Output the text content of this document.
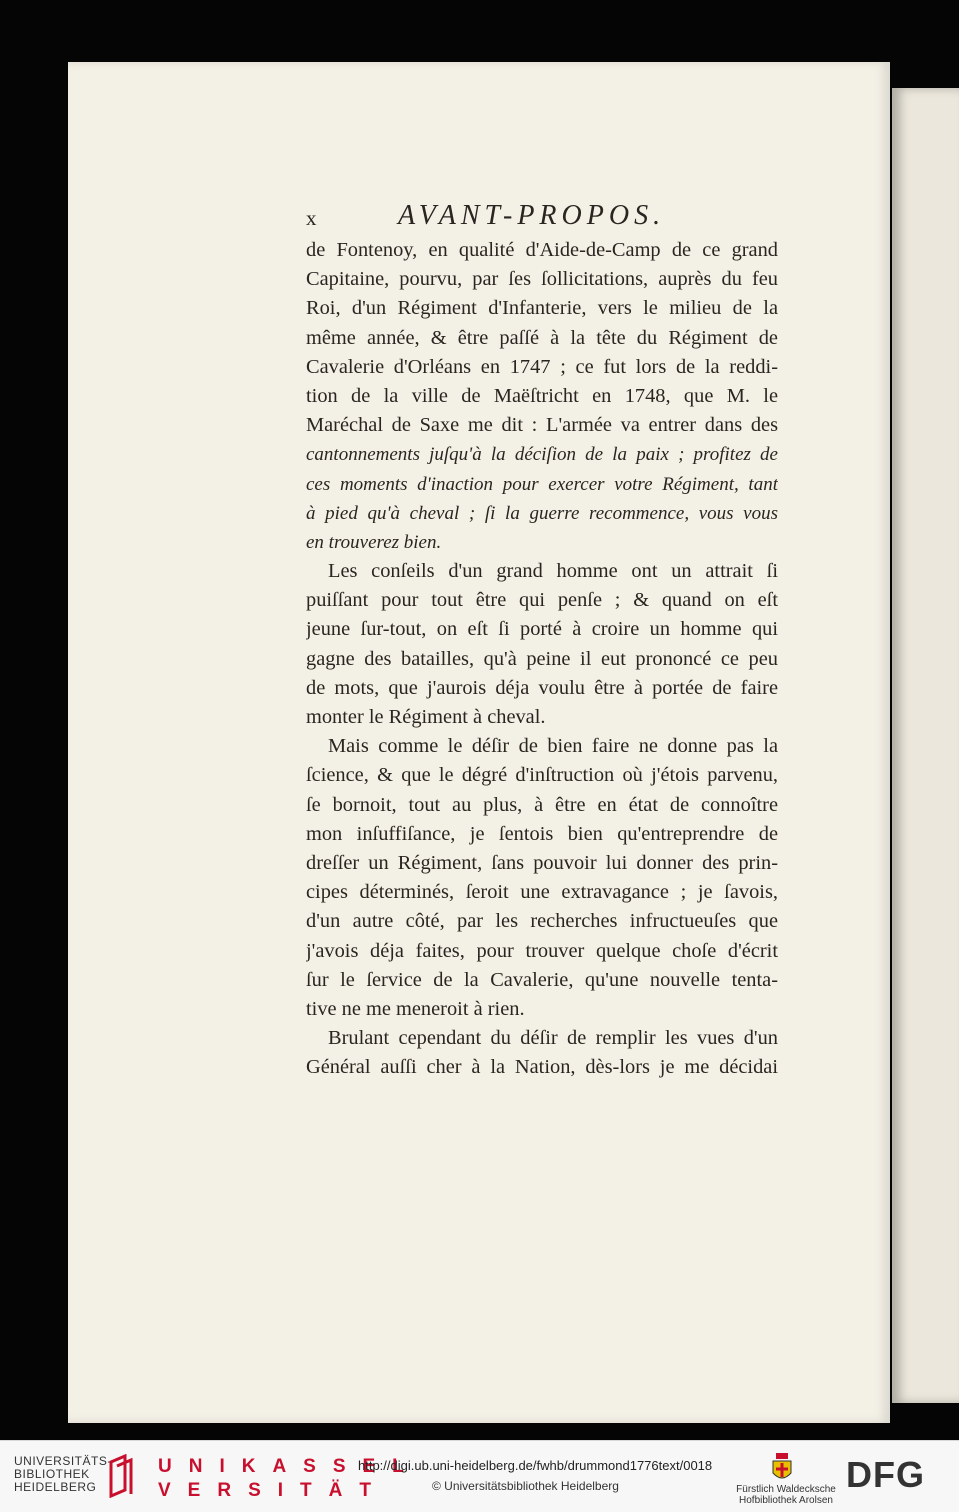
x	AVANT-PROPOS.
de Fontenoy, en qualité d'Aide-de-Camp de ce grand
Capitaine, pourvu, par ſes ſollicitations, auprès du feu
Roi, d'un Régiment d'Infanterie, vers le milieu de la
même année, & être paſſé à la tête du Régiment de
Cavalerie d'Orléans en 1747 ; ce fut lors de la reddi-
tion de la ville de Maëſtricht en 1748, que M. le
Maréchal de Saxe me dit : L'armée va entrer dans des
cantonnements juſqu'à la déciſion de la paix ; profitez de
ces moments d'inaction pour exercer votre Régiment, tant
à pied qu'à cheval ; ſi la guerre recommence, vous vous
en trouverez bien.
Les conſeils d'un grand homme ont un attrait ſi
puiſſant pour tout être qui penſe ; & quand on eſt
jeune ſur-tout, on eſt ſi porté à croire un homme qui
gagne des batailles, qu'à peine il eut prononcé ce peu
de mots, que j'aurois déja voulu être à portée de faire
monter le Régiment à cheval.
Mais comme le déſir de bien faire ne donne pas la
ſcience, & que le dégré d'inſtruction où j'étois parvenu,
ſe bornoit, tout au plus, à être en état de connoître
mon inſuffiſance, je ſentois bien qu'entreprendre de
dreſſer un Régiment, ſans pouvoir lui donner des prin-
cipes déterminés, ſeroit une extravagance ; je ſavois,
d'un autre côté, par les recherches infructueuſes que
j'avois déja faites, pour trouver quelque choſe d'écrit
ſur le ſervice de la Cavalerie, qu'une nouvelle tenta-
tive ne me meneroit à rien.
Brulant cependant du déſir de remplir les vues d'un
Général auſſi cher à la Nation, dès-lors je me décidai
UNIVERSITÄTS-
BIBLIOTHEK
HEIDELBERG
UNIKASSEL
VERSITÄT
http://digi.ub.uni-heidelberg.de/fwhb/drummond1776text/0018
© Universitätsbibliothek Heidelberg	Fürstlich Waldecksche
Hofbibliothek Arolsen
DFG
